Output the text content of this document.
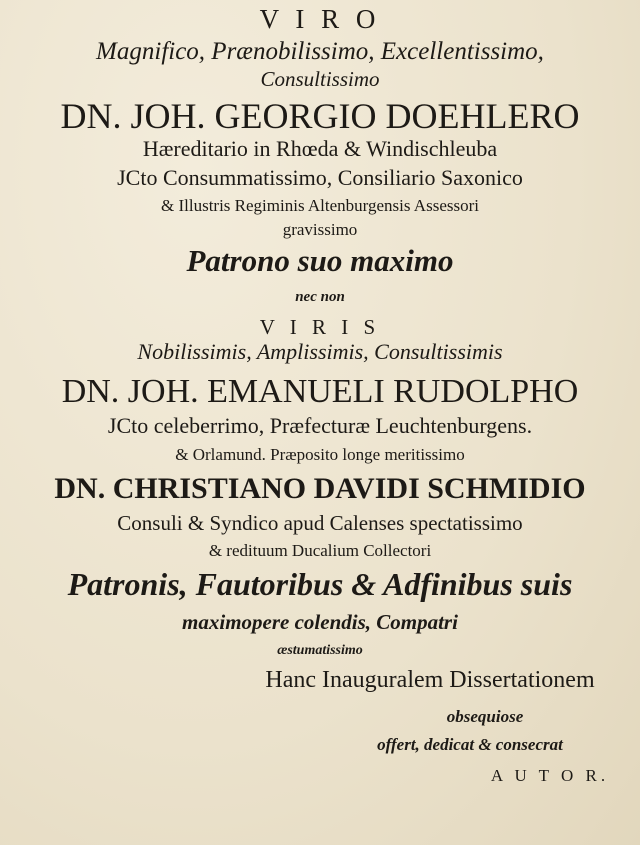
V I R O
Magnifico, Prænobilissimo, Excellentissimo,
Consultissimo
DN. JOH. GEORGIO DOEHLERO
Hæreditario in Rhœda & Windischleuba
JCto Consummatissimo, Consiliario Saxonico
& Illustris Regiminis Altenburgensis Assessori
gravissimo
Patrono suo maximo
nec non
V I R I S
Nobilissimis, Amplissimis, Consultissimis
DN. JOH. EMANUELI RUDOLPHO
JCto celeberrimo, Præfecturæ Leuchtenburgens.
& Orlamund. Præposito longe meritissimo
DN. CHRISTIANO DAVIDI SCHMIDIO
Consuli & Syndico apud Calenses spectatissimo
& redituum Ducalium Collectori
Patronis, Fautoribus & Adfinibus suis
maximopere colendis, Compatri
æstumatissimo
Hanc Inauguralem Dissertationem
obsequiose
offert, dedicat & consecrat
A U T O R.
